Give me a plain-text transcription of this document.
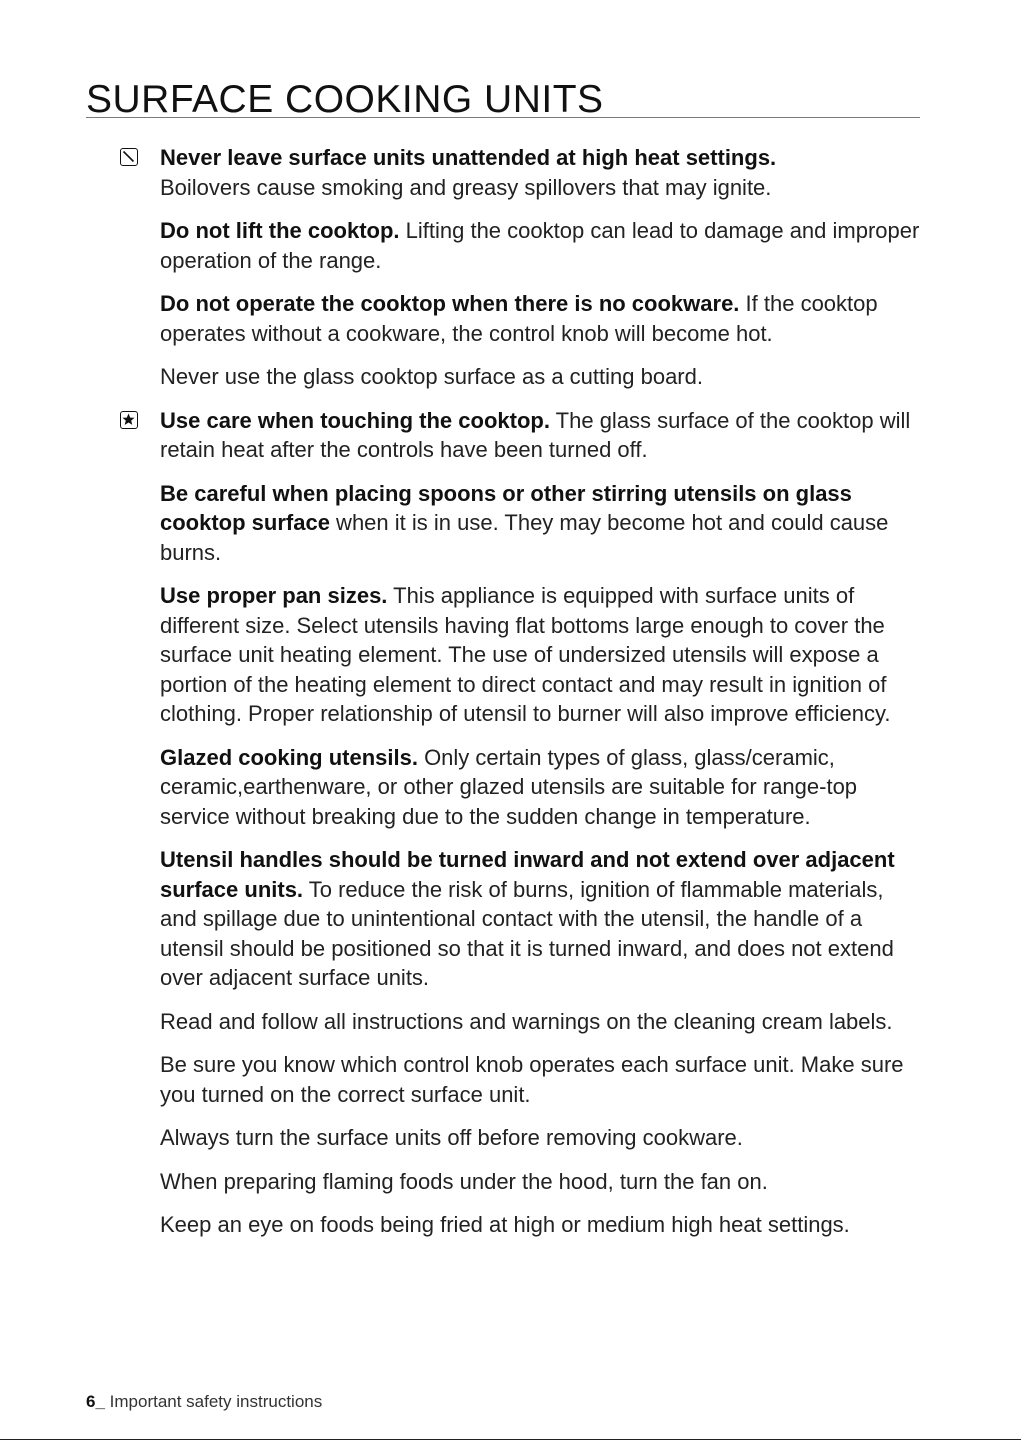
SURFACE COOKING UNITS

Never leave surface units unattended at high heat settings.
Boilovers cause smoking and greasy spillovers that may ignite.

Do not lift the cooktop. Lifting the cooktop can lead to damage and improper operation of the range.

Do not operate the cooktop when there is no cookware. If the cooktop operates without a cookware, the control knob will become hot.

Never use the glass cooktop surface as a cutting board.

Use care when touching the cooktop. The glass surface of the cooktop will retain heat after the controls have been turned off.

Be careful when placing spoons or other stirring utensils on glass cooktop surface when it is in use. They may become hot and could cause burns.

Use proper pan sizes. This appliance is equipped with surface units of different size. Select utensils having flat bottoms large enough to cover the surface unit heating element. The use of undersized utensils will expose a portion of the heating element to direct contact and may result in ignition of clothing. Proper relationship of utensil to burner will also improve efficiency.

Glazed cooking utensils. Only certain types of glass, glass/ceramic, ceramic,earthenware, or other glazed utensils are suitable for range-top service without breaking due to the sudden change in temperature.

Utensil handles should be turned inward and not extend over adjacent surface units. To reduce the risk of burns, ignition of flammable materials, and spillage due to unintentional contact with the utensil, the handle of a utensil should be positioned so that it is turned inward, and does not extend over adjacent surface units.

Read and follow all instructions and warnings on the cleaning cream labels.

Be sure you know which control knob operates each surface unit. Make sure you turned on the correct surface unit.

Always turn the surface units off before removing cookware.

When preparing flaming foods under the hood, turn the fan on.

Keep an eye on foods being fried at high or medium high heat settings.

6_ Important safety instructions
